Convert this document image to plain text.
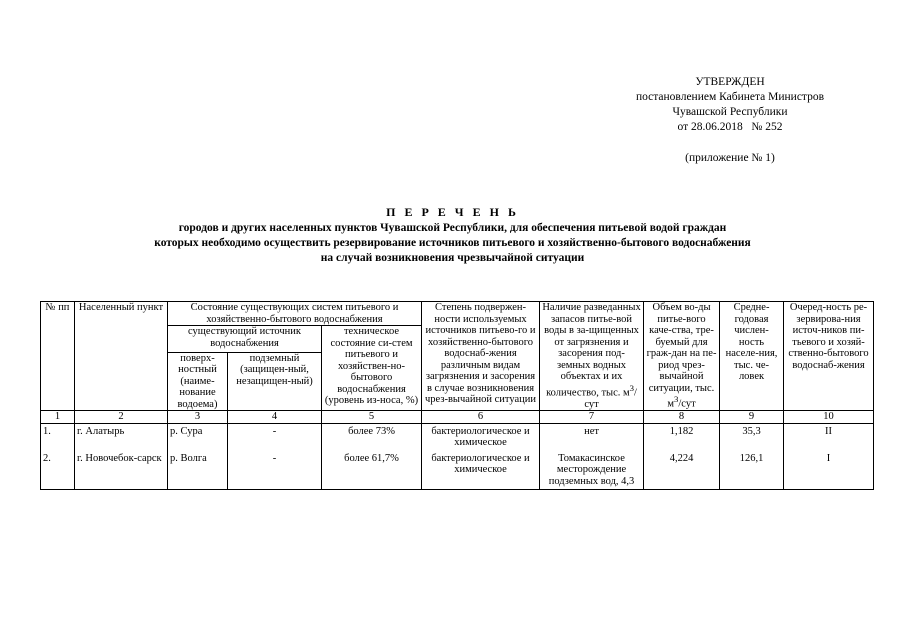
УТВЕРЖДЕН
постановлением Кабинета Министров
Чувашской Республики
от 28.06.2018   № 252
(приложение № 1)
П Е Р Е Ч Е Н Ь
городов и других населенных пунктов Чувашской Республики, для обеспечения питьевой водой граждан
которых необходимо осуществить резервирование источников питьевого и хозяйственно-бытового водоснабжения
на случай возникновения чрезвычайной ситуации
№ пп	Населенный пункт	Состояние существующих систем питьевого и хозяйственно-бытового водоснабжения			Степень подвержен-ности используемых источников питьево-го и хозяйственно-бытового водоснаб-жения различным видам загрязнения и засорения в случае возникновения чрез-вычайной ситуации	Наличие разведанных запасов питье-вой воды в за-щищенных от загрязнения и засорения под-земных водных объектах и их количество, тыс. $м^3$/сут	Объем во-ды питье-вого каче-ства, тре-буемый для граж-дан на пе-риод чрез-вычайной ситуации, тыс. $м^3$/сут	Средне-годовая числен-ность населе-ния, тыс. че-ловек	Очеред-ность ре-зервирова-ния источ-ников пи-тьевого и хозяй-ственно-бытового водоснаб-жения
		существующий источник водоснабжения		техническое состояние си-стем питьевого и хозяйствен-но-бытового водоснабжения (уровень из-носа, %)					
		поверх-ностный (наиме-нование водоема)	подземный (защищен-ный, незащищен-ный)						
1	2	3	4	5	6	7	8	9	10
1.	г. Алатырь	р. Сура	-	более 73%	бактериологическое и химическое	нет	1,182	35,3	II
2.	г. Новочебок-сарск	р. Волга	-	более 61,7%	бактериологическое и химическое	Томакасинское месторождение подземных вод, 4,3	4,224	126,1	I
